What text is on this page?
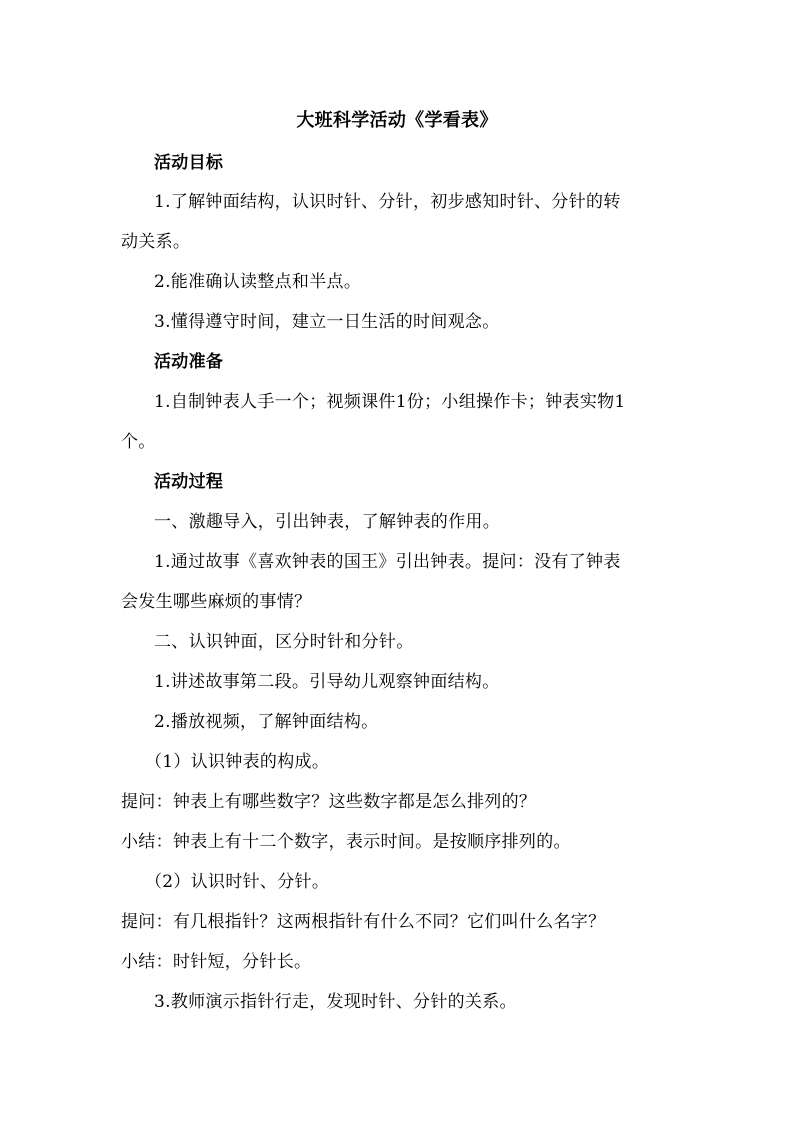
大班科学活动《学看表》
活动目标
1.了解钟面结构，认识时针、分针，初步感知时针、分针的转
动关系。
2.能准确认读整点和半点。
3.懂得遵守时间，建立一日生活的时间观念。
活动准备
1.自制钟表人手一个；视频课件1份；小组操作卡；钟表实物1
个。
活动过程
一、激趣导入，引出钟表，了解钟表的作用。
1.通过故事《喜欢钟表的国王》引出钟表。提问：没有了钟表
会发生哪些麻烦的事情？
二、认识钟面，区分时针和分针。
1.讲述故事第二段。引导幼儿观察钟面结构。
2.播放视频，了解钟面结构。
（1）认识钟表的构成。
提问：钟表上有哪些数字？这些数字都是怎么排列的？
小结：钟表上有十二个数字，表示时间。是按顺序排列的。
（2）认识时针、分针。
提问：有几根指针？这两根指针有什么不同？它们叫什么名字？
小结：时针短，分针长。
3.教师演示指针行走，发现时针、分针的关系。
